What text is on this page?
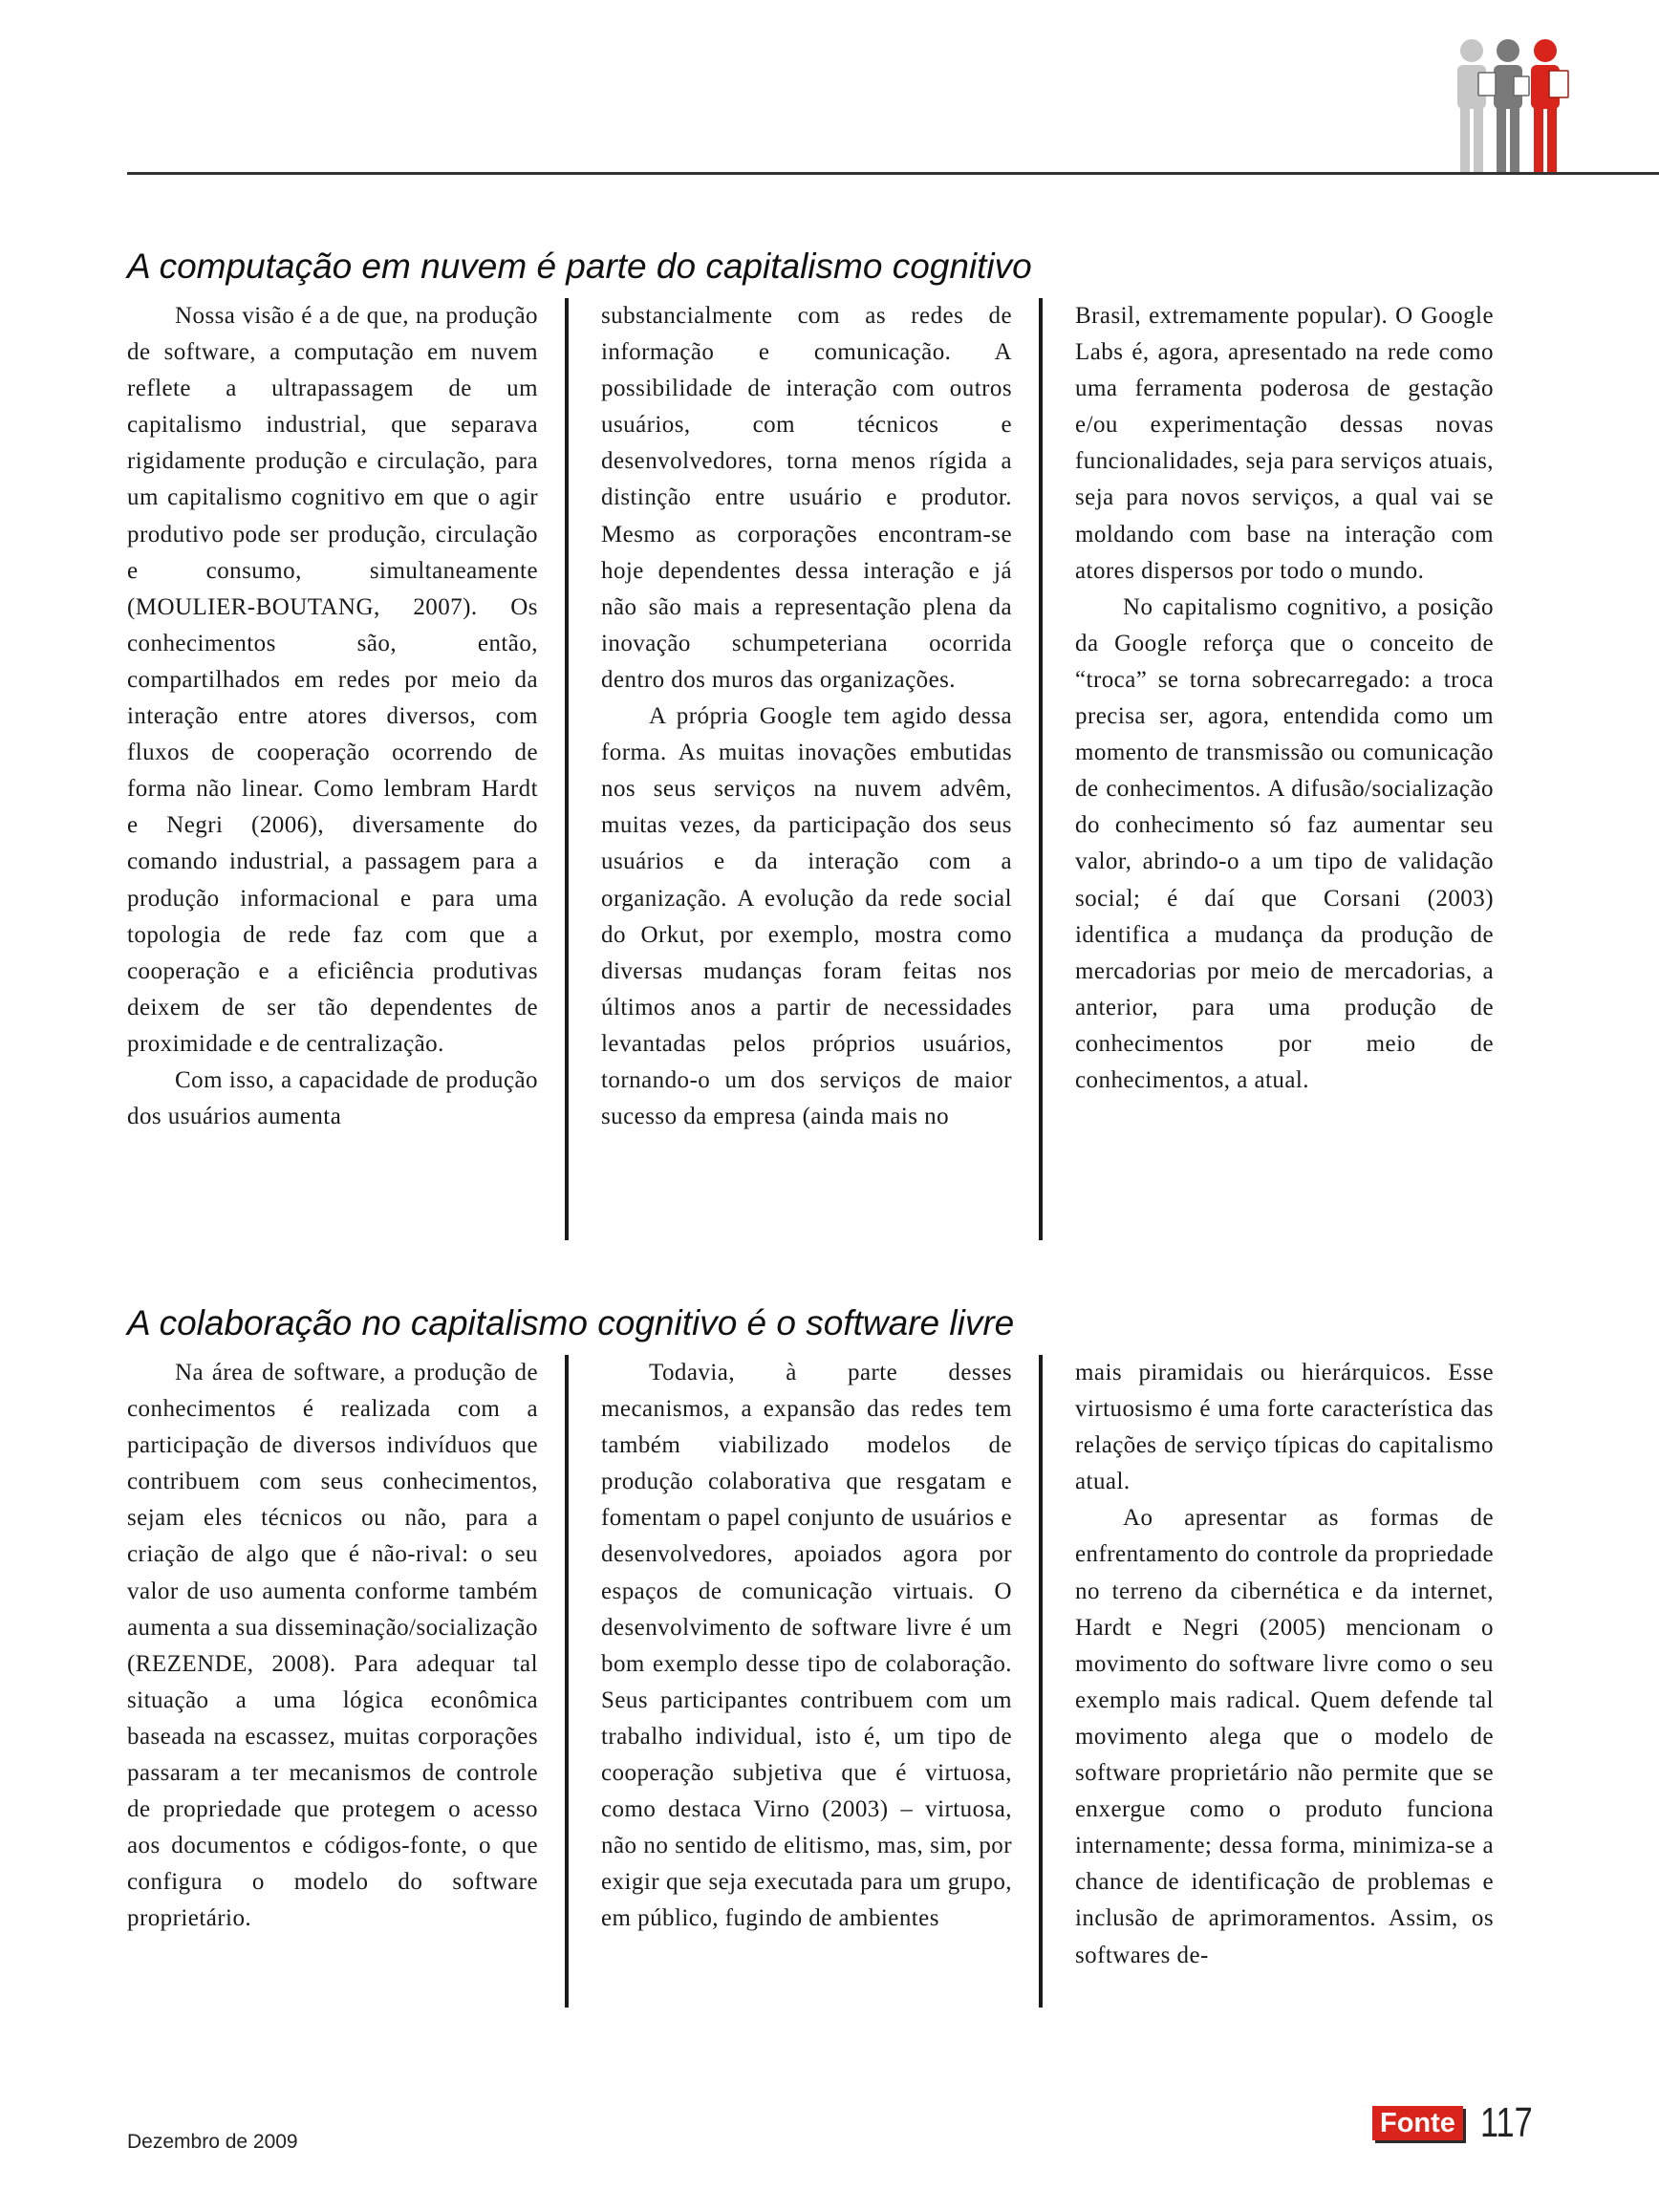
A computação em nuvem é parte do capitalismo cognitivo

Nossa visão é a de que, na produção de software, a computação em nuvem reflete a ultrapassagem de um capitalismo industrial, que separava rigidamente produção e circulação, para um capitalismo cognitivo em que o agir produtivo pode ser produção, circulação e consumo, simultaneamente (MOULIER-BOUTANG, 2007). Os conhecimentos são, então, compartilhados em redes por meio da interação entre atores diversos, com fluxos de cooperação ocorrendo de forma não linear. Como lembram Hardt e Negri (2006), diversamente do comando industrial, a passagem para a produção informacional e para uma topologia de rede faz com que a cooperação e a eficiência produtivas deixem de ser tão dependentes de proximidade e de centralização.

Com isso, a capacidade de produção dos usuários aumenta

substancialmente com as redes de informação e comunicação. A possibilidade de interação com outros usuários, com técnicos e desenvolvedores, torna menos rígida a distinção entre usuário e produtor. Mesmo as corporações encontram-se hoje dependentes dessa interação e já não são mais a representação plena da inovação schumpeteriana ocorrida dentro dos muros das organizações.

A própria Google tem agido dessa forma. As muitas inovações embutidas nos seus serviços na nuvem advêm, muitas vezes, da participação dos seus usuários e da interação com a organização. A evolução da rede social do Orkut, por exemplo, mostra como diversas mudanças foram feitas nos últimos anos a partir de necessidades levantadas pelos próprios usuários, tornando-o um dos serviços de maior sucesso da empresa (ainda mais no

Brasil, extremamente popular). O Google Labs é, agora, apresentado na rede como uma ferramenta poderosa de gestação e/ou experimentação dessas novas funcionalidades, seja para serviços atuais, seja para novos serviços, a qual vai se moldando com base na interação com atores dispersos por todo o mundo.

No capitalismo cognitivo, a posição da Google reforça que o conceito de “troca” se torna sobrecarregado: a troca precisa ser, agora, entendida como um momento de transmissão ou comunicação de conhecimentos. A difusão/socialização do conhecimento só faz aumentar seu valor, abrindo-o a um tipo de validação social; é daí que Corsani (2003) identifica a mudança da produção de mercadorias por meio de mercadorias, a anterior, para uma produção de conhecimentos por meio de conhecimentos, a atual.

A colaboração no capitalismo cognitivo é o software livre

Na área de software, a produção de conhecimentos é realizada com a participação de diversos indivíduos que contribuem com seus conhecimentos, sejam eles técnicos ou não, para a criação de algo que é não-rival: o seu valor de uso aumenta conforme também aumenta a sua disseminação/socialização (REZENDE, 2008). Para adequar tal situação a uma lógica econômica baseada na escassez, muitas corporações passaram a ter mecanismos de controle de propriedade que protegem o acesso aos documentos e códigos-fonte, o que configura o modelo do software proprietário.

Todavia, à parte desses mecanismos, a expansão das redes tem também viabilizado modelos de produção colaborativa que resgatam e fomentam o papel conjunto de usuários e desenvolvedores, apoiados agora por espaços de comunicação virtuais. O desenvolvimento de software livre é um bom exemplo desse tipo de colaboração. Seus participantes contribuem com um trabalho individual, isto é, um tipo de cooperação subjetiva que é virtuosa, como destaca Virno (2003) – virtuosa, não no sentido de elitismo, mas, sim, por exigir que seja executada para um grupo, em público, fugindo de ambientes

mais piramidais ou hierárquicos. Esse virtuosismo é uma forte característica das relações de serviço típicas do capitalismo atual.

Ao apresentar as formas de enfrentamento do controle da propriedade no terreno da cibernética e da internet, Hardt e Negri (2005) mencionam o movimento do software livre como o seu exemplo mais radical. Quem defende tal movimento alega que o modelo de software proprietário não permite que se enxergue como o produto funciona internamente; dessa forma, minimiza-se a chance de identificação de problemas e inclusão de aprimoramentos. Assim, os softwares de-

Dezembro de 2009
Fonte 117
